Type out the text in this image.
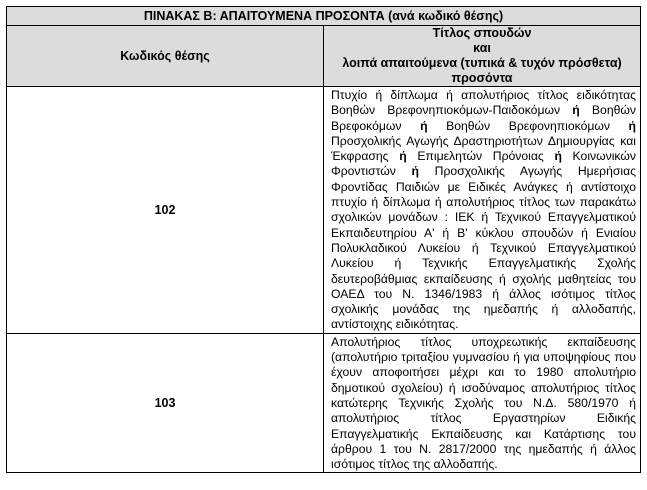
ΠΙΝΑΚΑΣ Β: ΑΠΑΙΤΟΥΜΕΝΑ ΠΡΟΣΟΝΤΑ (ανά κωδικό θέσης)	
Κωδικός θέσης	Τίτλος σπουδών
και
λοιπά απαιτούμενα (τυπικά & τυχόν πρόσθετα) προσόντα

102	Πτυχίο ή δίπλωμα ή απολυτήριος τίτλος ειδικότητας Βοηθών Βρεφονηπιοκόμων-Παιδοκόμων ή Βοηθών Βρεφοκόμων ή Βοηθών Βρεφονηπιοκόμων ή Προσχολικής Αγωγής Δραστηριοτήτων Δημιουργίας και Έκφρασης ή Επιμελητών Πρόνοιας ή Κοινωνικών Φροντιστών ή Προσχολικής Αγωγής Ημερήσιας Φροντίδας Παιδιών με Ειδικές Ανάγκες ή αντίστοιχο πτυχίο ή δίπλωμα ή απολυτήριος τίτλος των παρακάτω σχολικών μονάδων : ΙΕΚ ή Τεχνικού Επαγγελματικού Εκπαιδευτηρίου Α' ή Β' κύκλου σπουδών ή Ενιαίου Πολυκλαδικού Λυκείου ή Τεχνικού Επαγγελματικού Λυκείου ή Τεχνικής Επαγγελματικής Σχολής δευτεροβάθμιας εκπαίδευσης ή σχολής μαθητείας του ΟΑΕΔ του Ν. 1346/1983 ή άλλος ισότιμος τίτλος σχολικής μονάδας της ημεδαπής ή αλλοδαπής, αντίστοιχης ειδικότητας.
103	Απολυτήριος τίτλος υποχρεωτικής εκπαίδευσης (απολυτήριο τριταξίου γυμνασίου ή για υποψηφίους που έχουν αποφοιτήσει μέχρι και το 1980 απολυτήριο δημοτικού σχολείου) ή ισοδύναμος απολυτήριος τίτλος κατώτερης Τεχνικής Σχολής του Ν.Δ. 580/1970 ή απολυτήριος τίτλος Εργαστηρίων Ειδικής Επαγγελματικής Εκπαίδευσης και Κατάρτισης του άρθρου 1 του Ν. 2817/2000 της ημεδαπής ή άλλος ισότιμος τίτλος της αλλοδαπής.
